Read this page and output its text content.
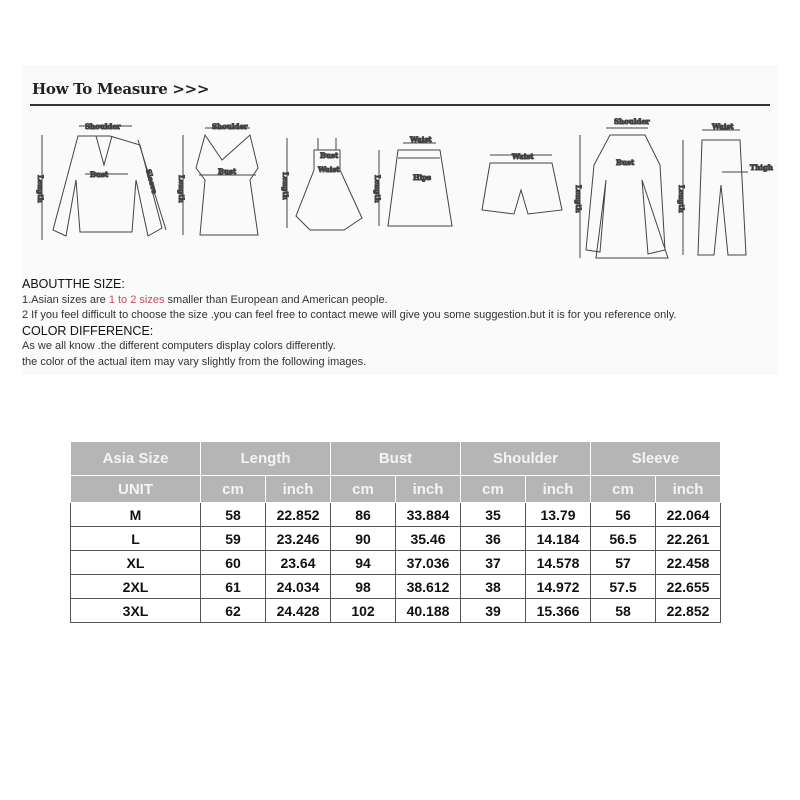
How To Measure >>>
Shoulder
Bust	Sleeve
Length
Shoulder
Bust
Length
Bust
Waist
Length
Waist
Hips
Length
Waist
Shoulder
Bust
Length
Waist
Thigh
Length
ABOUTTHE SIZE:
1.Asian sizes are 1 to 2 sizes smaller than European and American people.
2 If you feel difficult to choose the size .you can feel free to contact mewe will give you some suggestion.but it is for you reference only.
COLOR DIFFERENCE:
As we all know .the different computers display colors differently.
the color of the actual item may vary slightly from the following images.
Asia Size	Length		Bust		Shoulder		Sleeve	
UNIT	cm	inch	cm	inch	cm	inch	cm	inch
M	58	22.852	86	33.884	35	13.79	56	22.064
L	59	23.246	90	35.46	36	14.184	56.5	22.261
XL	60	23.64	94	37.036	37	14.578	57	22.458
2XL	61	24.034	98	38.612	38	14.972	57.5	22.655
3XL	62	24.428	102	40.188	39	15.366	58	22.852
